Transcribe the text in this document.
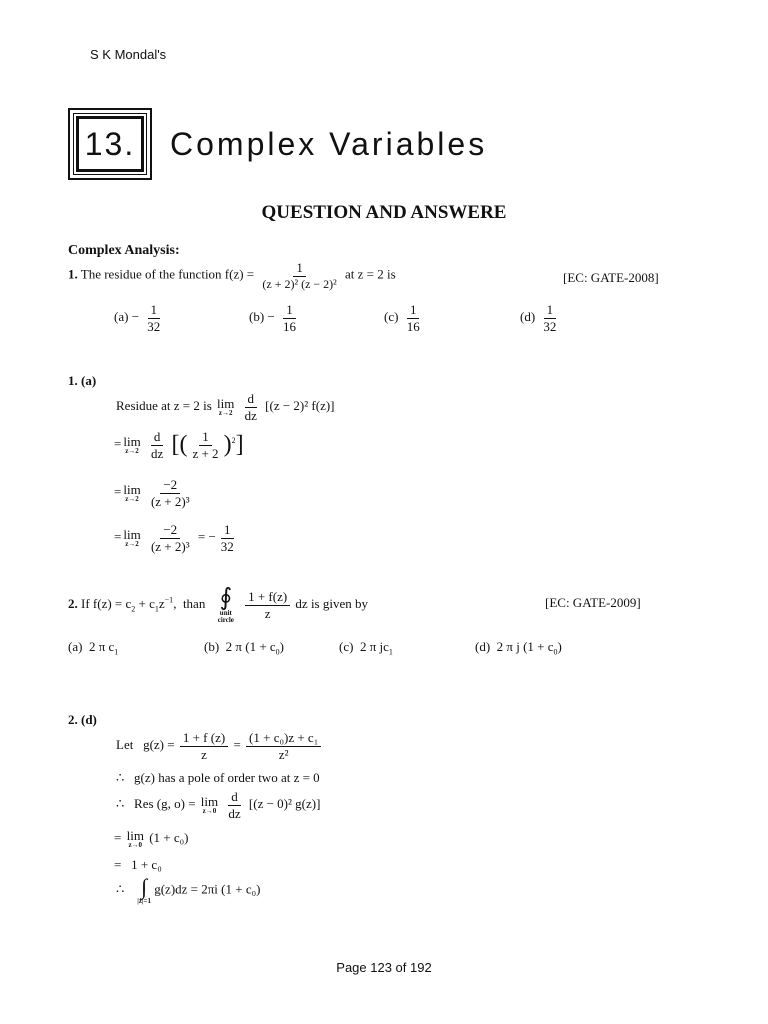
S K Mondal's
13.	Complex Variables
QUESTION AND ANSWERE
Complex Analysis:
1. The residue of the function $f(z) = \frac{1}{\text{(z + 2)² (z − 2)²}}$ at z = 2 is	[EC: GATE-2008]
$(a) - \frac{1}{32}$	$(b) - \frac{1}{16}$	$(c) \frac{1}{16}$	$(d) \frac{1}{32}$
1. (a)
Residue at z = 2 is lim
z→2
$\frac{d}{dz} [(z - 2)^2$ f(z)]
= lim
z→2
$\frac{d}{dz}$ [( $\frac{1}{z + 2} )^2$]
= lim
z→2
$\frac{-2}{\text{(z + 2)³}}$
= lim
z→2
$\frac{-2}{\text{(z + 2)³}}$ = − $\frac{1}{32}$
2. If $f(z) = c_2 + c_1z^{-1}$,  than ∮
unit circle
$\frac{1 + f(z)}{z}$ dz is given by	[EC: GATE-2009]
(a) 2 π $c_1$	(b) 2 π $(1 + c_0)$	(c) 2 π $jc_1$	(d) 2 π j $(1 + c_0)$
2. (d)
Let $g(z) = \frac{1 + f (z)}{z} = \frac{\text{(1 + c₀)z + c₁}}{\text{z²}}$
∴ g(z) has a pole of order two at z = 0
∴ Res (g, o) = lim
z→0
$\frac{d}{dz} [(z - 0)^2$ g(z)]
= lim
z→0
(1 + c₀)
= 1 + c₀
∴ ∫
|z|=1
g(z)dz = 2πi (1 + c₀)
Page 123 of 192
